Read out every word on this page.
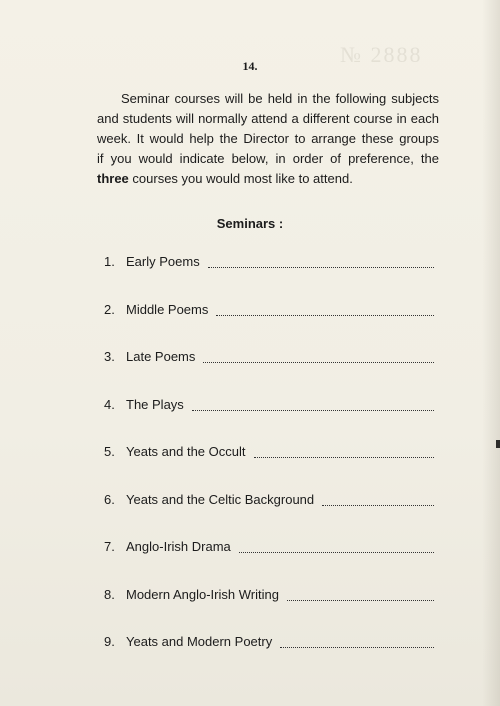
№ 2888
14.
Seminar courses will be held in the following subjects
and students will normally attend a different course in each
week. It would help the Director to arrange these groups
if you would indicate below, in order of preference, the
three courses you would most like to attend.
Seminars :
1. Early Poems
2. Middle Poems
3. Late Poems
4. The Plays
5. Yeats and the Occult
6. Yeats and the Celtic Background
7. Anglo-Irish Drama
8. Modern Anglo-Irish Writing
9. Yeats and Modern Poetry
